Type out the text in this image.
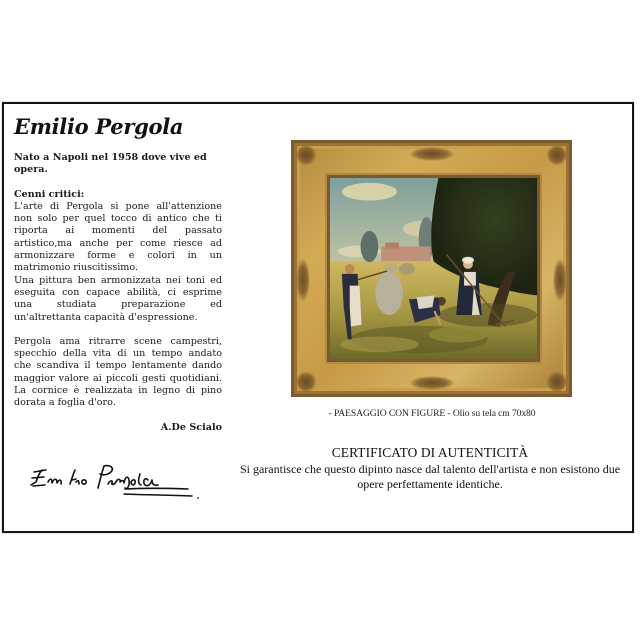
Emilio Pergola

Nato a Napoli nel 1958 dove vive ed opera.

Cenni critici:

L'arte di Pergola si pone all'attenzione non solo per quel tocco di antico che ti riporta ai momenti del passato artistico,ma anche per come riesce ad armonizzare forme e colori in un matrimonio riuscitissimo.

Una pittura ben armonizzata nei toni ed eseguita con capace abilità, ci esprime una studiata preparazione ed un'altrettanta capacità d'espressione.

Pergola ama ritrarre scene campestri, specchio della vita di un tempo andato che scandiva il tempo lentamente dando maggior valore ai piccoli gesti quotidiani. La cornice è realizzata in legno di pino dorata a foglia d'oro.

A.De Scialo

- PAESAGGIO CON FIGURE - Olio su tela cm 70x80
CERTIFICATO DI AUTENTICITÀ
Si garantisce che questo dipinto nasce dal talento dell'artista e non esistono due opere perfettamente identiche.
